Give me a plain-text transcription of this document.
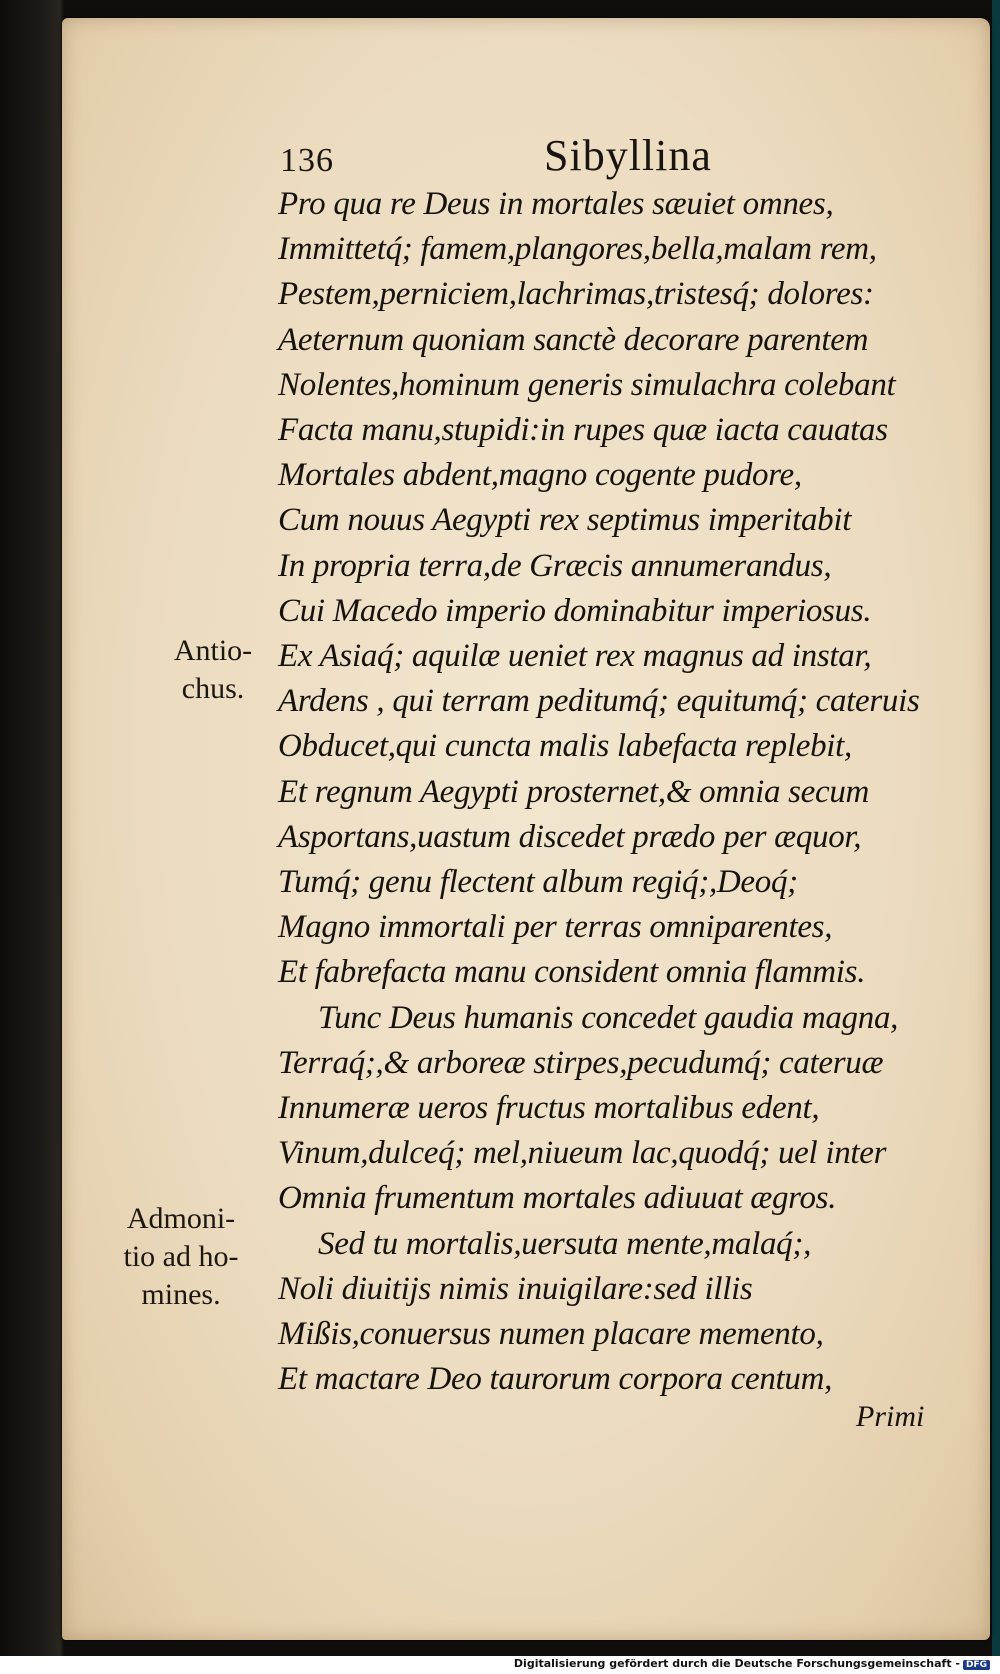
136	Sibyllina
Pro qua re Deus in mortales sæuiet omnes,
Immittetq́; famem,plangores,bella,malam rem,
Pestem,perniciem,lachrimas,tristesq́; dolores:
Aeternum quoniam sanctè decorare parentem
Nolentes,hominum generis simulachra colebant
Facta manu,stupidi:in rupes quæ iacta cauatas
Mortales abdent,magno cogente pudore,
Cum nouus Aegypti rex septimus imperitabit
In propria terra,de Græcis annumerandus,
Cui Macedo imperio dominabitur imperiosus.
Ex Asiaq́; aquilæ ueniet rex magnus ad instar,
Ardens , qui terram peditumq́; equitumq́; cateruis
Obducet,qui cuncta malis labefacta replebit,
Et regnum Aegypti prosternet,& omnia secum
Asportans,uastum discedet prædo per æquor,
Tumq́; genu flectent album regiq́;,Deoq́;
Magno immortali per terras omniparentes,
Et fabrefacta manu consident omnia flammis.
Tunc Deus humanis concedet gaudia magna,
Terraq́;,& arboreæ stirpes,pecudumq́; cateruæ
Innumeræ ueros fructus mortalibus edent,
Vinum,dulceq́; mel,niueum lac,quodq́; uel inter
Omnia frumentum mortales adiuuat ægros.
Sed tu mortalis,uersuta mente,malaq́;,
Noli diuitijs nimis inuigilare:sed illis
Mißis,conuersus numen placare memento,
Et mactare Deo taurorum corpora centum,
Antio-
chus.
Admoni-
tio ad ho-
mines.
Primi
Digitalisierung gefördert durch die Deutsche Forschungsgemeinschaft - DFG
